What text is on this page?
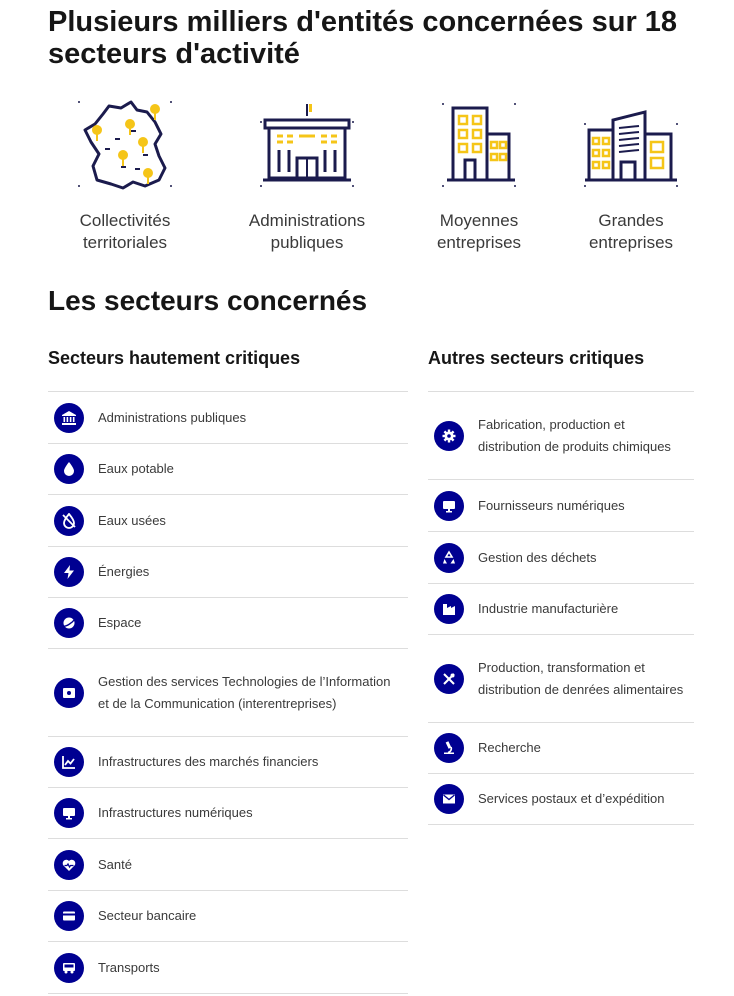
Plusieurs milliers d'entités concernées sur 18 secteurs d'activité
Collectivités
territoriales
Administrations
publiques
Moyennes
entreprises
Grandes
entreprises
Les secteurs concernés
Secteurs hautement critiques
Administrations publiques
Eaux potable
Eaux usées
Énergies
Espace
Gestion des services Technologies de l’Information et de la Communication (interentreprises)
Infrastructures des marchés financiers
Infrastructures numériques
Santé
Secteur bancaire
Transports
Autres secteurs critiques
Fabrication, production et distribution de produits chimiques
Fournisseurs numériques
Gestion des déchets
Industrie manufacturière
Production, transformation et distribution de denrées alimentaires
Recherche
Services postaux et d’expédition
